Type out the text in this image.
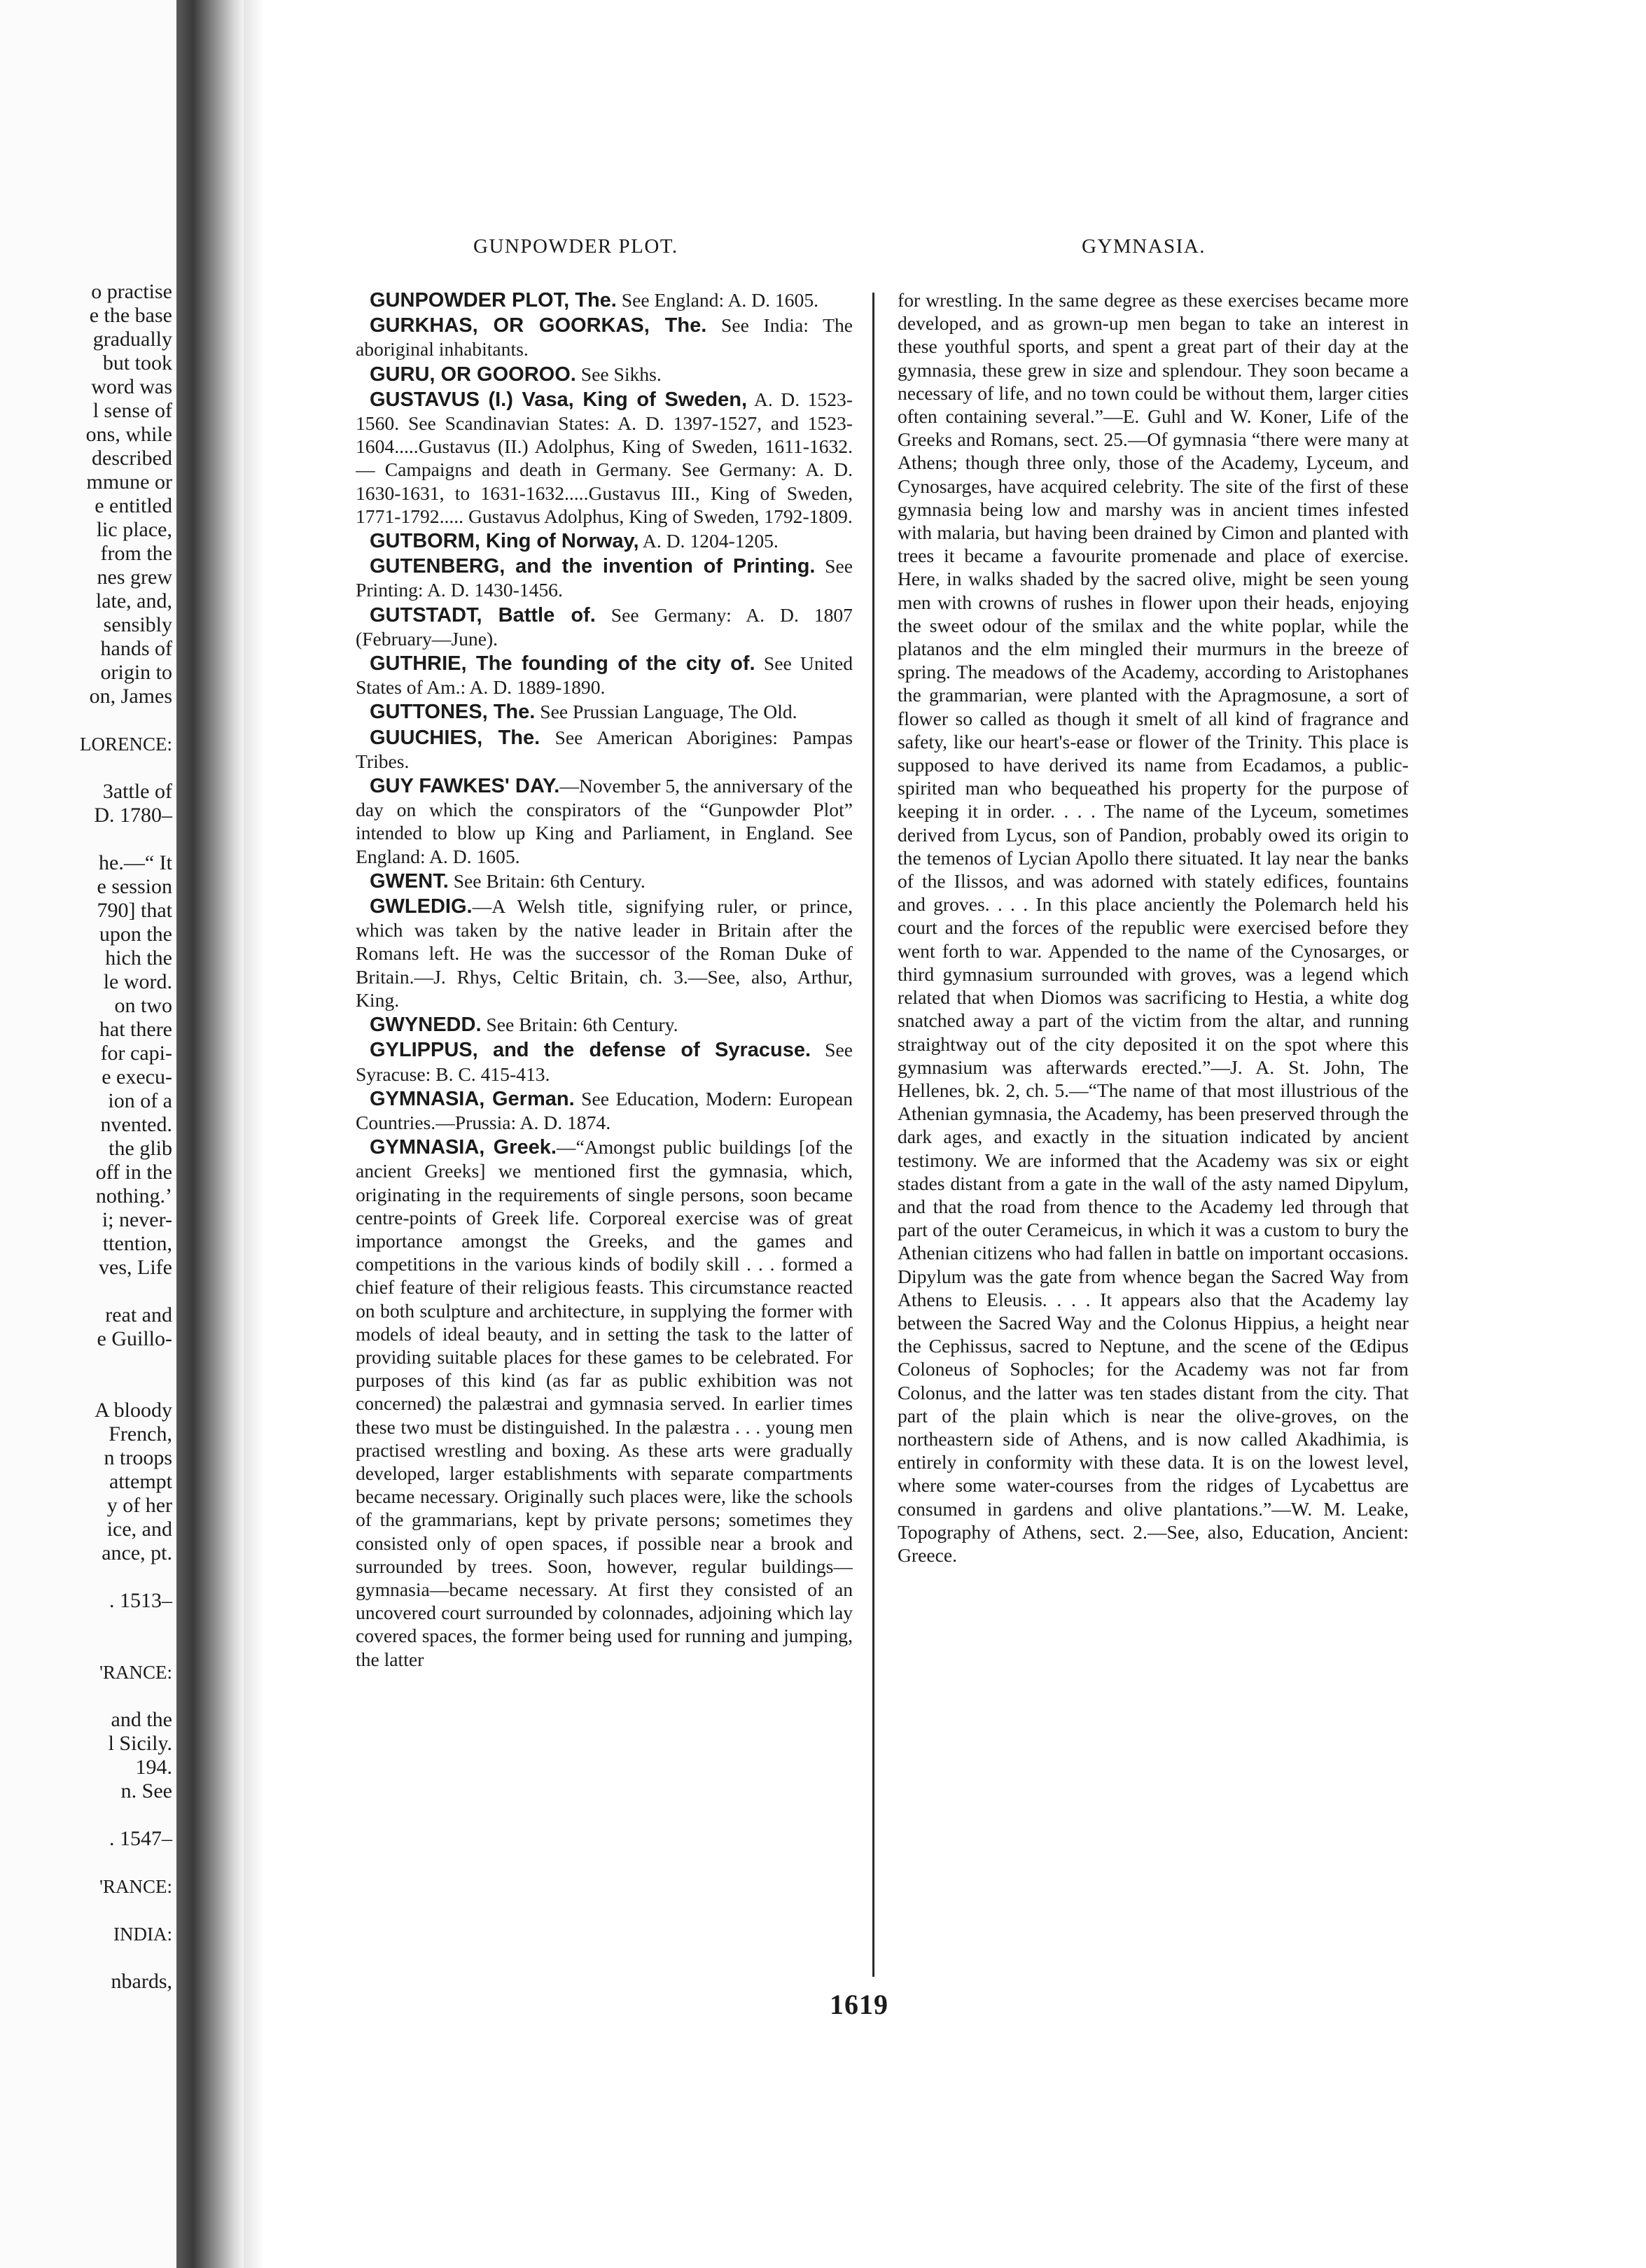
o practise
e the base
gradually
but took
word was
l sense of
ons, while
described
mmune or
e entitled
lic place,
from the
nes grew
late, and,
sensibly
hands of
origin to
on, James
LORENCE:
3attle of
D. 1780–
he.—“ It
e session
790] that
upon the
hich the
le word.
on two
hat there
for capi-
e execu-
ion of a
nvented.
the glib
off in the
nothing.’
i; never-
ttention,
ves, Life
reat and
e Guillo-
A bloody
French,
n troops
attempt
y of her
ice, and
ance, pt.
. 1513–
'RANCE:
and the
l Sicily.
194.
n. See
. 1547–
'RANCE:
INDIA:
nbards,
GUNPOWDER PLOT.	GYMNASIA.

GUNPOWDER PLOT, The. See England: A. D. 1605.

GURKHAS, OR GOORKAS, The. See India: The aboriginal inhabitants.

GURU, OR GOOROO. See Sikhs.

GUSTAVUS (I.) Vasa, King of Sweden, A. D. 1523-1560. See Scandinavian States: A. D. 1397-1527, and 1523-1604.....Gustavus (II.) Adolphus, King of Sweden, 1611-1632.— Campaigns and death in Germany. See Germany: A. D. 1630-1631, to 1631-1632.....Gustavus III., King of Sweden, 1771-1792..... Gustavus Adolphus, King of Sweden, 1792-1809.

GUTBORM, King of Norway, A. D. 1204-1205.

GUTENBERG, and the invention of Printing. See Printing: A. D. 1430-1456.

GUTSTADT, Battle of. See Germany: A. D. 1807 (February—June).

GUTHRIE, The founding of the city of. See United States of Am.: A. D. 1889-1890.

GUTTONES, The. See Prussian Language, The Old.

GUUCHIES, The. See American Aborigines: Pampas Tribes.

GUY FAWKES' DAY.—November 5, the anniversary of the day on which the conspirators of the “Gunpowder Plot” intended to blow up King and Parliament, in England. See England: A. D. 1605.

GWENT. See Britain: 6th Century.

GWLEDIG.—A Welsh title, signifying ruler, or prince, which was taken by the native leader in Britain after the Romans left. He was the successor of the Roman Duke of Britain.—J. Rhys, Celtic Britain, ch. 3.—See, also, Arthur, King.

GWYNEDD. See Britain: 6th Century.

GYLIPPUS, and the defense of Syracuse. See Syracuse: B. C. 415-413.

GYMNASIA, German. See Education, Modern: European Countries.—Prussia: A. D. 1874.

GYMNASIA, Greek.—“Amongst public buildings [of the ancient Greeks] we mentioned first the gymnasia, which, originating in the requirements of single persons, soon became centre-points of Greek life. Corporeal exercise was of great importance amongst the Greeks, and the games and competitions in the various kinds of bodily skill . . . formed a chief feature of their religious feasts. This circumstance reacted on both sculpture and architecture, in supplying the former with models of ideal beauty, and in setting the task to the latter of providing suitable places for these games to be celebrated. For purposes of this kind (as far as public exhibition was not concerned) the palæstrai and gymnasia served. In earlier times these two must be distinguished. In the palæstra . . . young men practised wrestling and boxing. As these arts were gradually developed, larger establishments with separate compartments became necessary. Originally such places were, like the schools of the grammarians, kept by private persons; sometimes they consisted only of open spaces, if possible near a brook and surrounded by trees. Soon, however, regular buildings—gymnasia—became necessary. At first they consisted of an uncovered court surrounded by colonnades, adjoining which lay covered spaces, the former being used for running and jumping, the latter

for wrestling. In the same degree as these exercises became more developed, and as grown-up men began to take an interest in these youthful sports, and spent a great part of their day at the gymnasia, these grew in size and splendour. They soon became a necessary of life, and no town could be without them, larger cities often containing several.”—E. Guhl and W. Koner, Life of the Greeks and Romans, sect. 25.—Of gymnasia “there were many at Athens; though three only, those of the Academy, Lyceum, and Cynosarges, have acquired celebrity. The site of the first of these gymnasia being low and marshy was in ancient times infested with malaria, but having been drained by Cimon and planted with trees it became a favourite promenade and place of exercise. Here, in walks shaded by the sacred olive, might be seen young men with crowns of rushes in flower upon their heads, enjoying the sweet odour of the smilax and the white poplar, while the platanos and the elm mingled their murmurs in the breeze of spring. The meadows of the Academy, according to Aristophanes the grammarian, were planted with the Apragmosune, a sort of flower so called as though it smelt of all kind of fragrance and safety, like our heart's-ease or flower of the Trinity. This place is supposed to have derived its name from Ecadamos, a public-spirited man who bequeathed his property for the purpose of keeping it in order. . . . The name of the Lyceum, sometimes derived from Lycus, son of Pandion, probably owed its origin to the temenos of Lycian Apollo there situated. It lay near the banks of the Ilissos, and was adorned with stately edifices, fountains and groves. . . . In this place anciently the Polemarch held his court and the forces of the republic were exercised before they went forth to war. Appended to the name of the Cynosarges, or third gymnasium surrounded with groves, was a legend which related that when Diomos was sacrificing to Hestia, a white dog snatched away a part of the victim from the altar, and running straightway out of the city deposited it on the spot where this gymnasium was afterwards erected.”—J. A. St. John, The Hellenes, bk. 2, ch. 5.—“The name of that most illustrious of the Athenian gymnasia, the Academy, has been preserved through the dark ages, and exactly in the situation indicated by ancient testimony. We are informed that the Academy was six or eight stades distant from a gate in the wall of the asty named Dipylum, and that the road from thence to the Academy led through that part of the outer Cerameicus, in which it was a custom to bury the Athenian citizens who had fallen in battle on important occasions. Dipylum was the gate from whence began the Sacred Way from Athens to Eleusis. . . . It appears also that the Academy lay between the Sacred Way and the Colonus Hippius, a height near the Cephissus, sacred to Neptune, and the scene of the Œdipus Coloneus of Sophocles; for the Academy was not far from Colonus, and the latter was ten stades distant from the city. That part of the plain which is near the olive-groves, on the northeastern side of Athens, and is now called Akadhimia, is entirely in conformity with these data. It is on the lowest level, where some water-courses from the ridges of Lycabettus are consumed in gardens and olive plantations.”—W. M. Leake, Topography of Athens, sect. 2.—See, also, Education, Ancient: Greece.

1619
